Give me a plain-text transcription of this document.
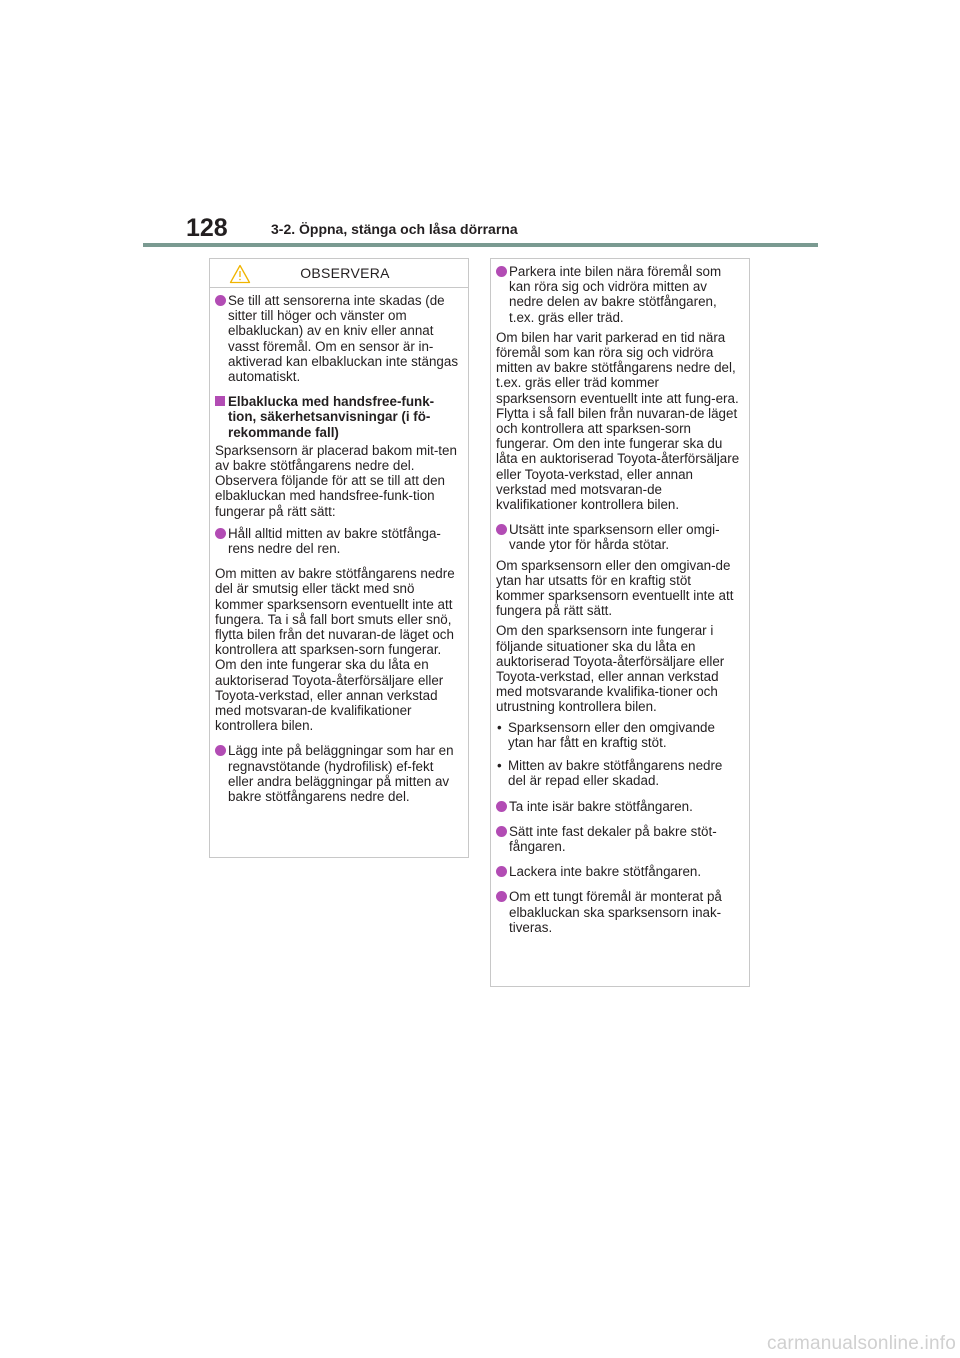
128	3-2. Öppna, stänga och låsa dörrarna
OBSERVERA
Se till att sensorerna inte skadas (de sitter till höger och vänster om elbakluckan) av en kniv eller annat vasst föremål. Om en sensor är in-aktiverad kan elbakluckan inte stängas automatiskt.
Elbaklucka med handsfree-funk-tion, säkerhetsanvisningar (i fö-rekommande fall)
Sparksensorn är placerad bakom mit-ten av bakre stötfångarens nedre del. Observera följande för att se till att den elbakluckan med handsfree-funk-tion fungerar på rätt sätt:
Håll alltid mitten av bakre stötfånga-rens nedre del ren.
Om mitten av bakre stötfångarens nedre del är smutsig eller täckt med snö kommer sparksensorn eventuellt inte att fungera. Ta i så fall bort smuts eller snö, flytta bilen från det nuvaran-de läget och kontrollera att sparksen-sorn fungerar. Om den inte fungerar ska du låta en auktoriserad Toyota-återförsäljare eller Toyota-verkstad, eller annan verkstad med motsvaran-de kvalifikationer kontrollera bilen.
Lägg inte på beläggningar som har en regnavstötande (hydrofilisk) ef-fekt eller andra beläggningar på mitten av bakre stötfångarens nedre del.
Parkera inte bilen nära föremål som kan röra sig och vidröra mitten av nedre delen av bakre stötfångaren, t.ex. gräs eller träd.
Om bilen har varit parkerad en tid nära föremål som kan röra sig och vidröra mitten av bakre stötfångarens nedre del, t.ex. gräs eller träd kommer sparksensorn eventuellt inte att fung-era. Flytta i så fall bilen från nuvaran-de läget och kontrollera att sparksen-sorn fungerar. Om den inte fungerar ska du låta en auktoriserad Toyota-återförsäljare eller Toyota-verkstad, eller annan verkstad med motsvaran-de kvalifikationer kontrollera bilen.
Utsätt inte sparksensorn eller omgi-vande ytor för hårda stötar.
Om sparksensorn eller den omgivan-de ytan har utsatts för en kraftig stöt kommer sparksensorn eventuellt inte att fungera på rätt sätt.
Om den sparksensorn inte fungerar i följande situationer ska du låta en auktoriserad Toyota-återförsäljare eller Toyota-verkstad, eller annan verkstad med motsvarande kvalifika-tioner och utrustning kontrollera bilen.
• Sparksensorn eller den omgivande ytan har fått en kraftig stöt.
• Mitten av bakre stötfångarens nedre del är repad eller skadad.
Ta inte isär bakre stötfångaren.
Sätt inte fast dekaler på bakre stöt-fångaren.
Lackera inte bakre stötfångaren.
Om ett tungt föremål är monterat på elbakluckan ska sparksensorn inak-tiveras.
carmanualsonline.info
